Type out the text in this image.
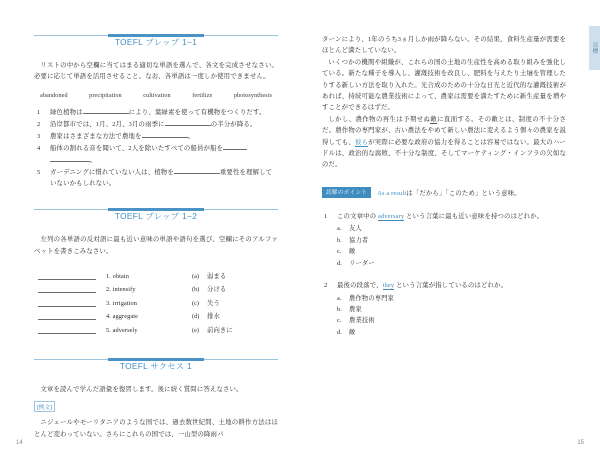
TOEFL プレップ 1−1
リストの中から空欄に当てはまる適切な単語を選んで、各文を完成させなさい。必要に応じて単語を活用させること。なお、各単語は一度しか使用できません。
abandoned	precipitation	cultivation	fertilize	photosynthesis
1 緑色植物は	により、葉緑素を使って有機物をつくりだす。
2 沿岸都市では、1月、2月、3月の雨季に	の半分が降る。
3 農家はさまざまな方法で農地を	。
4 船体の割れる音を聞いて、2人を除いたすべての船員が船を
。
5 ガーデニングに慣れていない人は、植物を	重要性を理解していないかもしれない。
TOEFL プレップ 1−2
左列の各単語の反対語に最も近い意味の単語や語句を選び、空欄にそのアルファベットを書きこみなさい。
1. obtain	(a)	弱まる
2. intensify	(b)	分ける
3. irrigation	(c)	失う
4. aggregate	(d)	排水
5. adversely	(e)	前向きに
TOEFL サクセス 1
文章を読んで学んだ語彙を復習します。後に続く質問に答えなさい。
[例文]
ニジェールやモーリタニアのような国では、過去数世紀間、土地の耕作方法はほとんど変わっていない。さらにこれらの国では、一山型の降雨パ
14
目標
ターンにより、1年のうち3ヵ月しか雨が降らない。その結果、食料生産量が需要をほとんど満たしていない。
いくつかの機関や組織が、これらの国の土地の生産性を高める取り組みを強化している。新たな種子を導入し、灌漑技術を改良し、肥料を与えたり土壌を管理したりする新しい方法を取り入れた。光合成のための十分な日光と近代的な灌漑技術があれば、持続可能な農業技術によって、農家は需要を満たすために新生産量を増やすことができるはずだ。
しかし、農作物の再生は予期せぬ敵に直面する。その敵とは、制度の不十分さだ。農作物の専門家が、古い農法をやめて新しい農法に変えるよう個々の農家を説得しても、彼らが実際に必要な政府の協力を得ることは容易ではない。最大のハードルは、政治的な腐敗、不十分な制度、そしてマーケティング・インフラの欠如なのだ。
読解のポイント	As a resultは「だから」「このため」という意味。
1 この文章中の adversary という言葉に最も近い意味を持つのはどれか。
a. 友人
b. 協力者
c. 敵
d. リーダー
2 最後の段落で、they という言葉が指しているのはどれか。
a. 農作物の専門家
b. 農家
c. 農業技術
d. 敵
15
